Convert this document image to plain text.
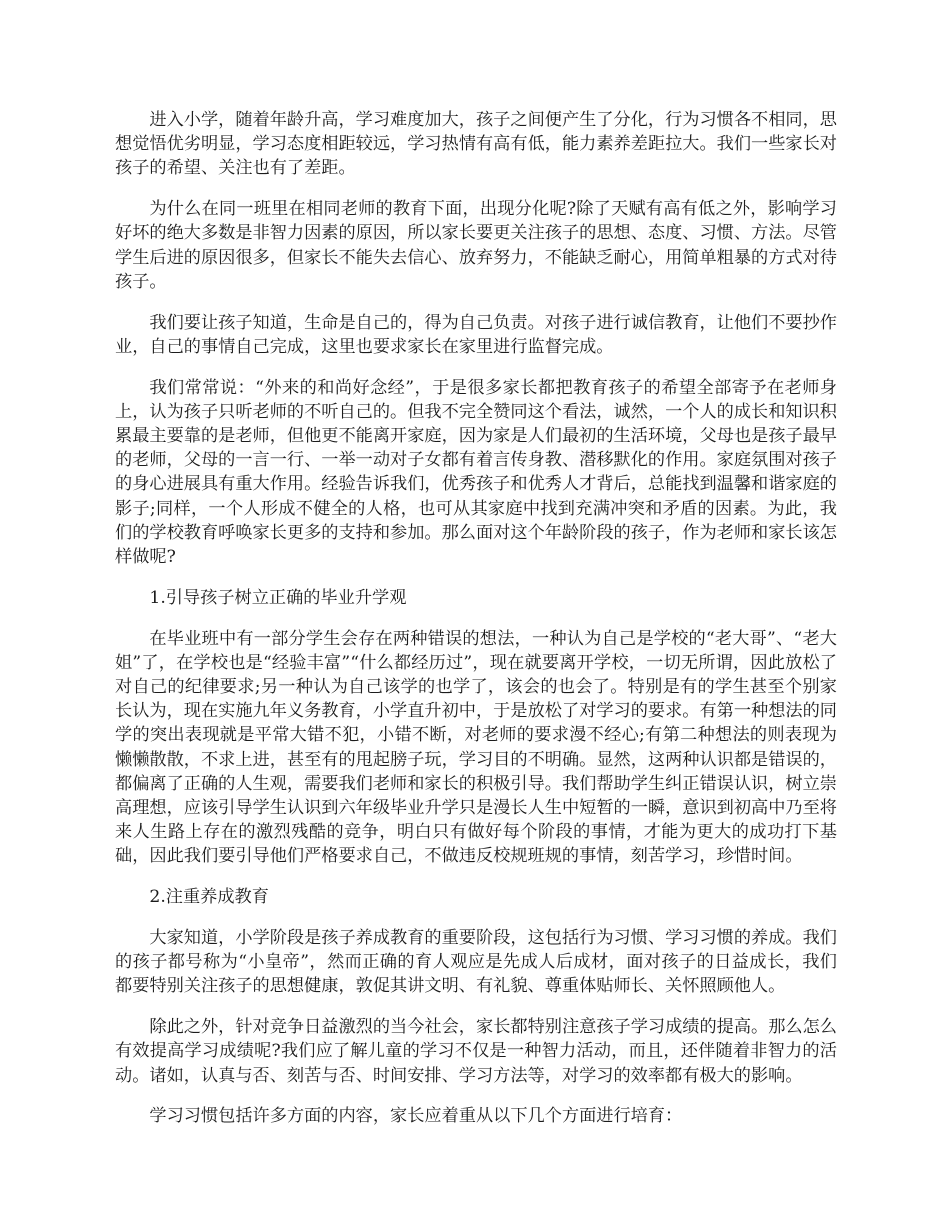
进入小学，随着年龄升高，学习难度加大，孩子之间便产生了分化，行为习惯各不相同，思想觉悟优劣明显，学习态度相距较远，学习热情有高有低，能力素养差距拉大。我们一些家长对孩子的希望、关注也有了差距。

为什么在同一班里在相同老师的教育下面，出现分化呢?除了天赋有高有低之外，影响学习好坏的绝大多数是非智力因素的原因，所以家长要更关注孩子的思想、态度、习惯、方法。尽管学生后进的原因很多，但家长不能失去信心、放弃努力，不能缺乏耐心，用简单粗暴的方式对待孩子。

我们要让孩子知道，生命是自己的，得为自己负责。对孩子进行诚信教育，让他们不要抄作业，自己的事情自己完成，这里也要求家长在家里进行监督完成。

我们常常说：“外来的和尚好念经”，于是很多家长都把教育孩子的希望全部寄予在老师身上，认为孩子只听老师的不听自己的。但我不完全赞同这个看法，诚然，一个人的成长和知识积累最主要靠的是老师，但他更不能离开家庭，因为家是人们最初的生活环境，父母也是孩子最早的老师，父母的一言一行、一举一动对子女都有着言传身教、潜移默化的作用。家庭氛围对孩子的身心进展具有重大作用。经验告诉我们，优秀孩子和优秀人才背后，总能找到温馨和谐家庭的影子;同样，一个人形成不健全的人格，也可从其家庭中找到充满冲突和矛盾的因素。为此，我们的学校教育呼唤家长更多的支持和参加。那么面对这个年龄阶段的孩子，作为老师和家长该怎样做呢?

1.引导孩子树立正确的毕业升学观

在毕业班中有一部分学生会存在两种错误的想法，一种认为自己是学校的“老大哥”、“老大姐”了，在学校也是“经验丰富”“什么都经历过”，现在就要离开学校，一切无所谓，因此放松了对自己的纪律要求;另一种认为自己该学的也学了，该会的也会了。特别是有的学生甚至个别家长认为，现在实施九年义务教育，小学直升初中，于是放松了对学习的要求。有第一种想法的同学的突出表现就是平常大错不犯，小错不断，对老师的要求漫不经心;有第二种想法的则表现为懒懒散散，不求上进，甚至有的甩起膀子玩，学习目的不明确。显然，这两种认识都是错误的，都偏离了正确的人生观，需要我们老师和家长的积极引导。我们帮助学生纠正错误认识，树立崇高理想，应该引导学生认识到六年级毕业升学只是漫长人生中短暂的一瞬，意识到初高中乃至将来人生路上存在的激烈残酷的竞争，明白只有做好每个阶段的事情，才能为更大的成功打下基础，因此我们要引导他们严格要求自己，不做违反校规班规的事情，刻苦学习，珍惜时间。

2.注重养成教育

大家知道，小学阶段是孩子养成教育的重要阶段，这包括行为习惯、学习习惯的养成。我们的孩子都号称为“小皇帝”，然而正确的育人观应是先成人后成材，面对孩子的日益成长，我们都要特别关注孩子的思想健康，敦促其讲文明、有礼貌、尊重体贴师长、关怀照顾他人。

除此之外，针对竞争日益激烈的当今社会，家长都特别注意孩子学习成绩的提高。那么怎么有效提高学习成绩呢?我们应了解儿童的学习不仅是一种智力活动，而且，还伴随着非智力的活动。诸如，认真与否、刻苦与否、时间安排、学习方法等，对学习的效率都有极大的影响。

学习习惯包括许多方面的内容，家长应着重从以下几个方面进行培育：
